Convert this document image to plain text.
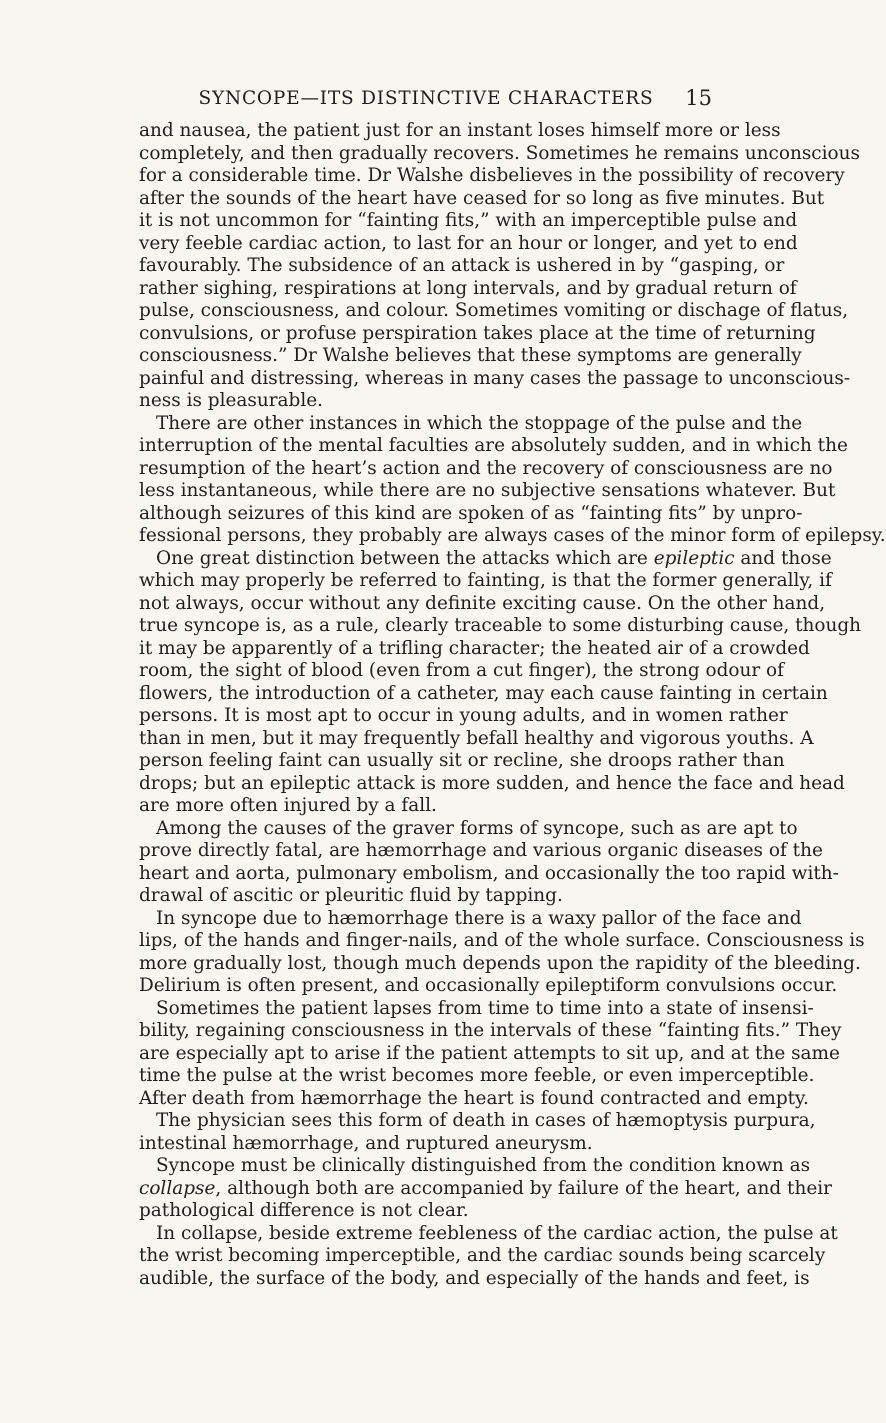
SYNCOPE—ITS DISTINCTIVE CHARACTERS	15
and nausea, the patient just for an instant loses himself more or less
completely, and then gradually recovers. Sometimes he remains unconscious
for a considerable time. Dr Walshe disbelieves in the possibility of recovery
after the sounds of the heart have ceased for so long as five minutes. But
it is not uncommon for “fainting fits,” with an imperceptible pulse and
very feeble cardiac action, to last for an hour or longer, and yet to end
favourably. The subsidence of an attack is ushered in by “gasping, or
rather sighing, respirations at long intervals, and by gradual return of
pulse, consciousness, and colour. Sometimes vomiting or dischage of flatus,
convulsions, or profuse perspiration takes place at the time of returning
consciousness.” Dr Walshe believes that these symptoms are generally
painful and distressing, whereas in many cases the passage to unconscious-
ness is pleasurable.
There are other instances in which the stoppage of the pulse and the
interruption of the mental faculties are absolutely sudden, and in which the
resumption of the heart’s action and the recovery of consciousness are no
less instantaneous, while there are no subjective sensations whatever. But
although seizures of this kind are spoken of as “fainting fits” by unpro-
fessional persons, they probably are always cases of the minor form of epilepsy.
One great distinction between the attacks which are epileptic and those
which may properly be referred to fainting, is that the former generally, if
not always, occur without any definite exciting cause. On the other hand,
true syncope is, as a rule, clearly traceable to some disturbing cause, though
it may be apparently of a trifling character; the heated air of a crowded
room, the sight of blood (even from a cut finger), the strong odour of
flowers, the introduction of a catheter, may each cause fainting in certain
persons. It is most apt to occur in young adults, and in women rather
than in men, but it may frequently befall healthy and vigorous youths. A
person feeling faint can usually sit or recline, she droops rather than
drops; but an epileptic attack is more sudden, and hence the face and head
are more often injured by a fall.
Among the causes of the graver forms of syncope, such as are apt to
prove directly fatal, are hæmorrhage and various organic diseases of the
heart and aorta, pulmonary embolism, and occasionally the too rapid with-
drawal of ascitic or pleuritic fluid by tapping.
In syncope due to hæmorrhage there is a waxy pallor of the face and
lips, of the hands and finger-nails, and of the whole surface. Consciousness is
more gradually lost, though much depends upon the rapidity of the bleeding.
Delirium is often present, and occasionally epileptiform convulsions occur.
Sometimes the patient lapses from time to time into a state of insensi-
bility, regaining consciousness in the intervals of these “fainting fits.” They
are especially apt to arise if the patient attempts to sit up, and at the same
time the pulse at the wrist becomes more feeble, or even imperceptible.
After death from hæmorrhage the heart is found contracted and empty.
The physician sees this form of death in cases of hæmoptysis purpura,
intestinal hæmorrhage, and ruptured aneurysm.
Syncope must be clinically distinguished from the condition known as
collapse, although both are accompanied by failure of the heart, and their
pathological difference is not clear.
In collapse, beside extreme feebleness of the cardiac action, the pulse at
the wrist becoming imperceptible, and the cardiac sounds being scarcely
audible, the surface of the body, and especially of the hands and feet, is
